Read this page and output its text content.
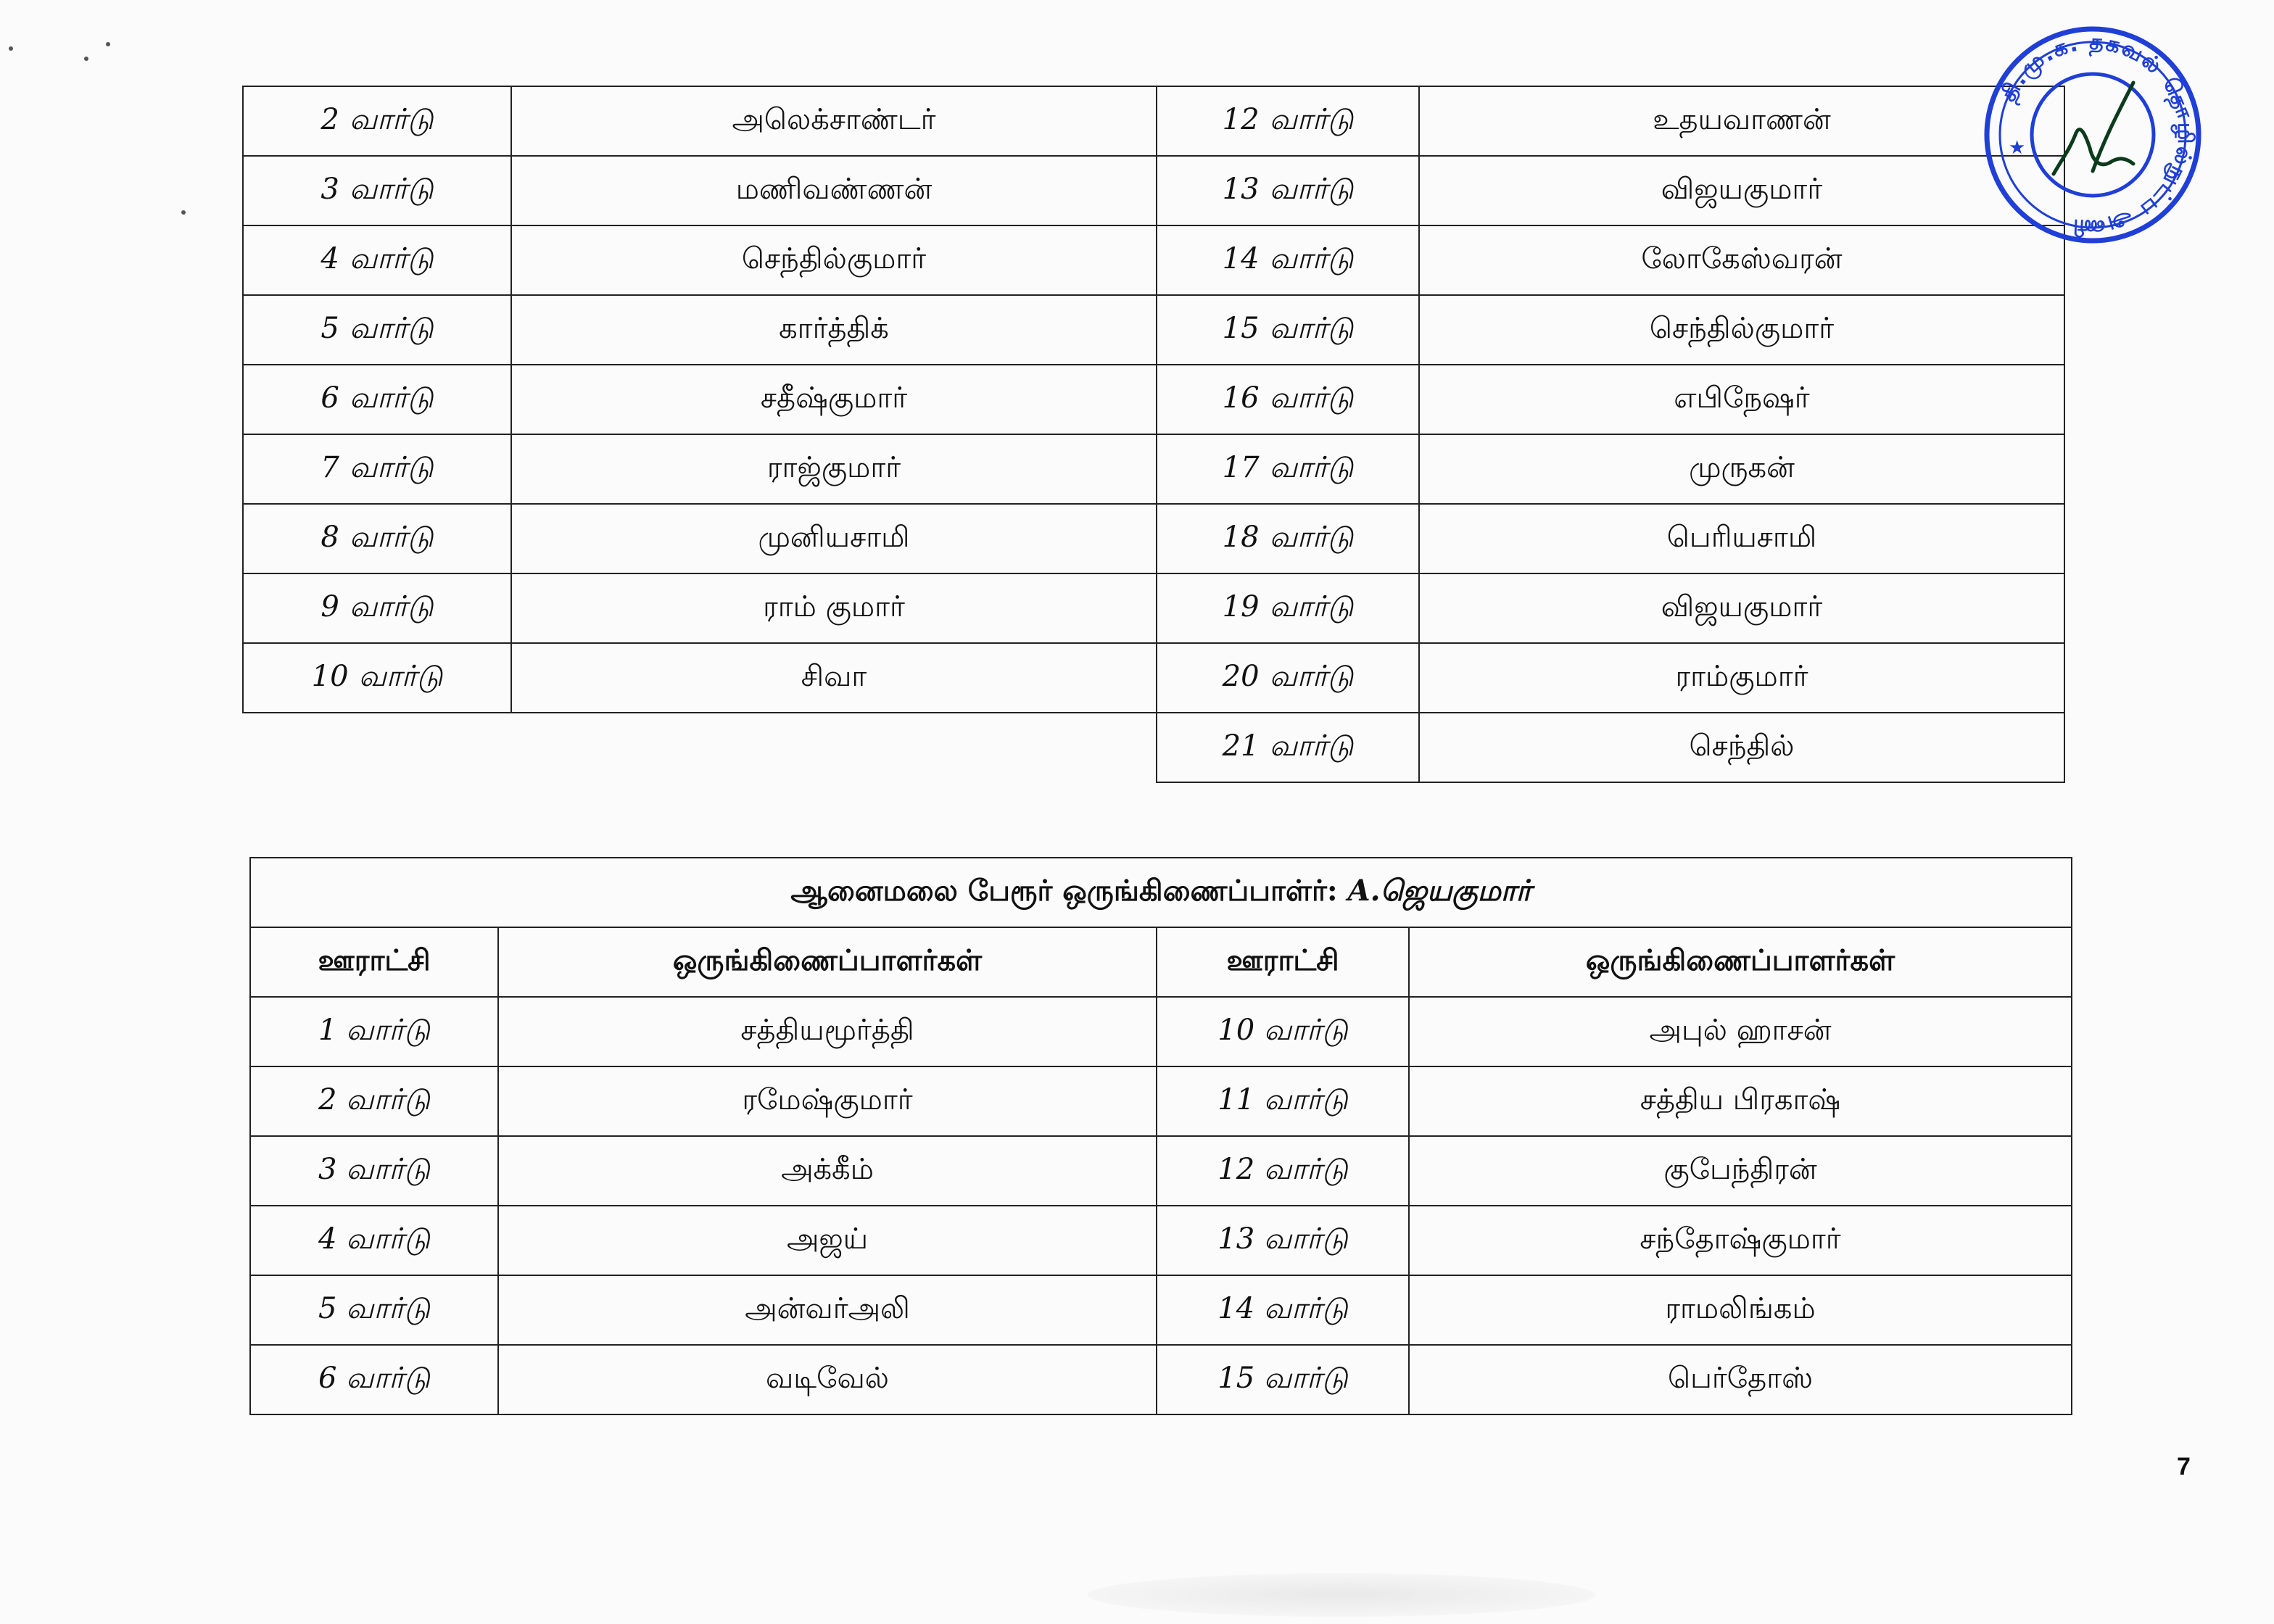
2 வார்டு	அலெக்சாண்டர்	12 வார்டு	உதயவாணன்
3 வார்டு	மணிவண்ணன்	13 வார்டு	விஜயகுமார்
4 வார்டு	செந்தில்குமார்	14 வார்டு	லோகேஸ்வரன்
5 வார்டு	கார்த்திக்	15 வார்டு	செந்தில்குமார்
6 வார்டு	சதீஷ்குமார்	16 வார்டு	எபிநேஷர்
7 வார்டு	ராஜ்குமார்	17 வார்டு	முருகன்
8 வார்டு	முனியசாமி	18 வார்டு	பெரியசாமி
9 வார்டு	ராம் குமார்	19 வார்டு	விஜயகுமார்
10 வார்டு	சிவா	20 வார்டு	ராம்குமார்
		21 வார்டு	செந்தில்
ஆனைமலை பேரூர் ஒருங்கிணைப்பாள்ர்: A.ஜெயகுமார்			
ஊராட்சி	ஒருங்கிணைப்பாளர்கள்	ஊராட்சி	ஒருங்கிணைப்பாளர்கள்
1 வார்டு	சத்தியமூர்த்தி	10 வார்டு	அபுல் ஹாசன்
2 வார்டு	ரமேஷ்குமார்	11 வார்டு	சத்திய பிரகாஷ்
3 வார்டு	அக்கீம்	12 வார்டு	குபேந்திரன்
4 வார்டு	அஜய்	13 வார்டு	சந்தோஷ்குமார்
5 வார்டு	அன்வர்அலி	14 வார்டு	ராமலிங்கம்
6 வார்டு	வடிவேல்	15 வார்டு	பெர்தோஸ்
தி.மு.க. தகவல் தொழில்நுட்ப அணி
★
7
